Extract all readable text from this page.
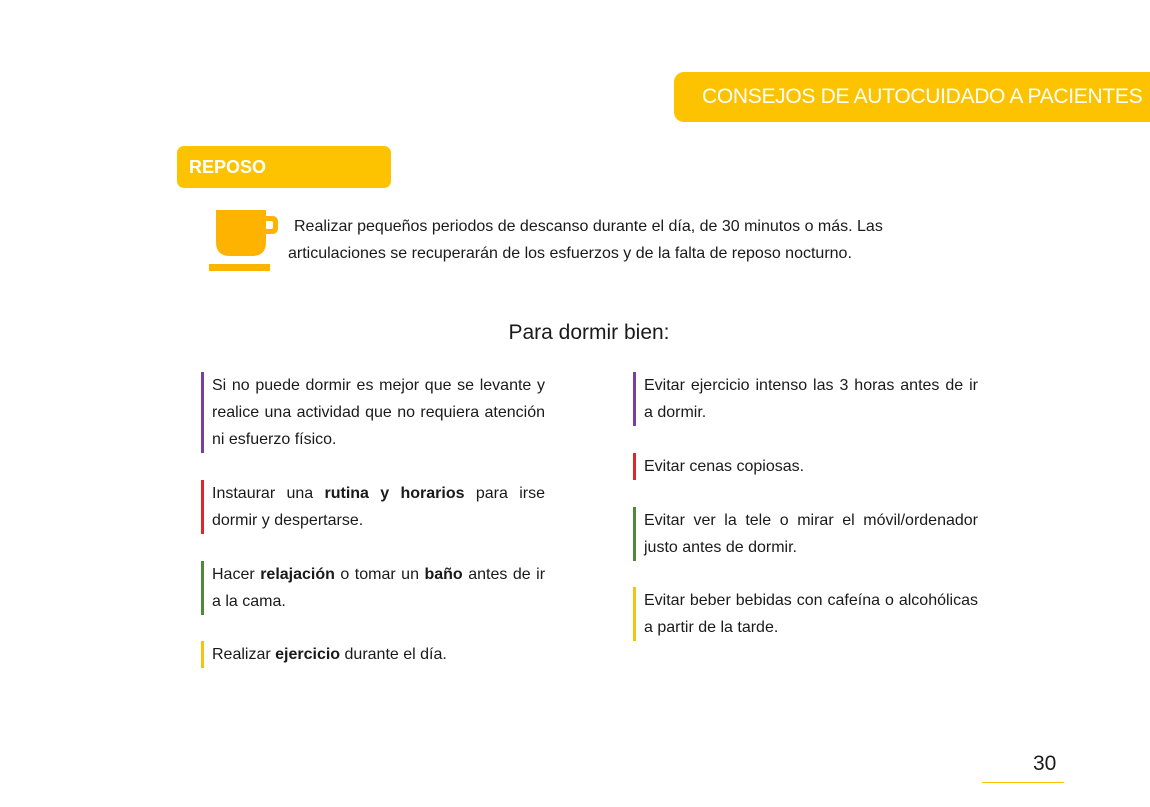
CONSEJOS DE AUTOCUIDADO A PACIENTES
REPOSO
Realizar pequeños periodos de descanso durante el día, de 30 minutos o más. Las
articulaciones se recuperarán de los esfuerzos y de la falta de reposo nocturno.
Para dormir bien:
Si no puede dormir es mejor que se levante y realice una actividad que no requiera atención ni esfuerzo físico.
Instaurar una rutina y horarios para irse dormir y despertarse.
Hacer relajación o tomar un baño antes de ir a la cama.
Realizar ejercicio durante el día.
Evitar ejercicio intenso las 3 horas antes de ir a dormir.
Evitar cenas copiosas.
Evitar ver la tele o mirar el móvil/ordenador justo antes de dormir.
Evitar beber bebidas con cafeína o alcohólicas a partir de la tarde.
30
